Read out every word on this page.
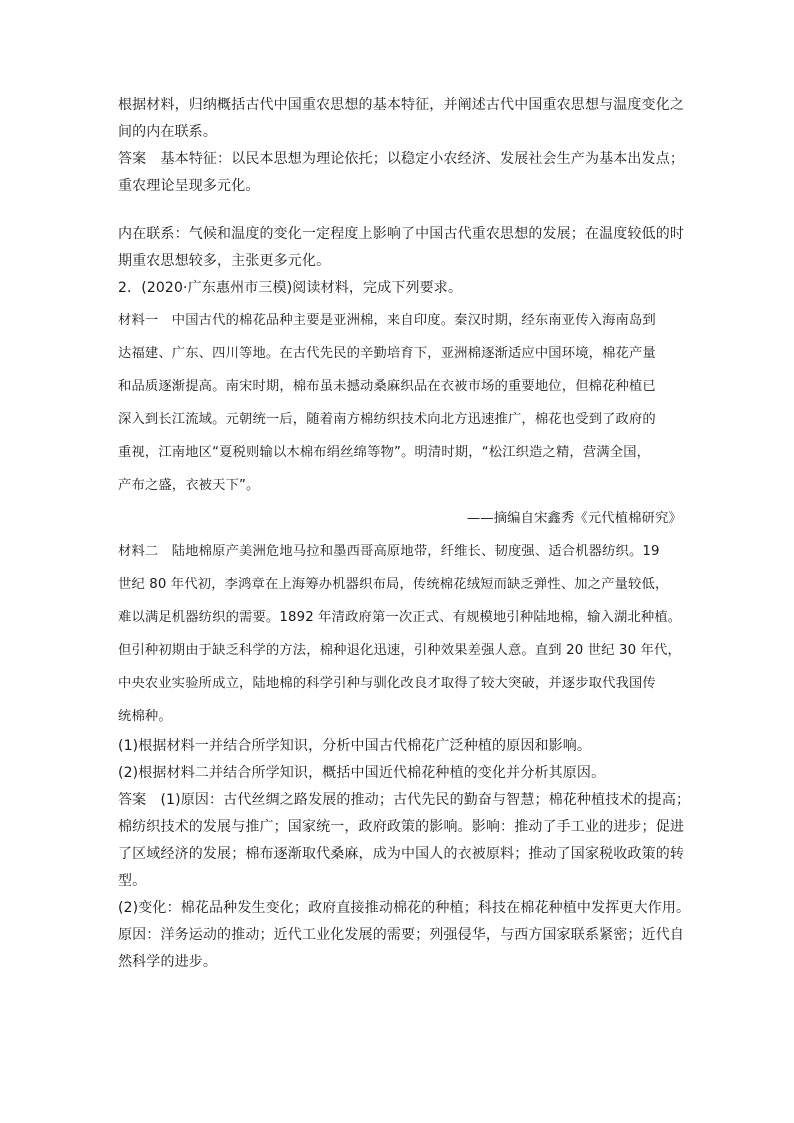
根据材料，归纳概括古代中国重农思想的基本特征，并阐述古代中国重农思想与温度变化之

间的内在联系。

答案　基本特征：以民本思想为理论依托；以稳定小农经济、发展社会生产为基本出发点；

重农理论呈现多元化。

内在联系：气候和温度的变化一定程度上影响了中国古代重农思想的发展；在温度较低的时

期重农思想较多，主张更多元化。

2．(2020·广东惠州市三模)阅读材料，完成下列要求。

材料一　中国古代的棉花品种主要是亚洲棉，来自印度。秦汉时期，经东南亚传入海南岛到

达福建、广东、四川等地。在古代先民的辛勤培育下，亚洲棉逐渐适应中国环境，棉花产量

和品质逐渐提高。南宋时期，棉布虽未撼动桑麻织品在衣被市场的重要地位，但棉花种植已

深入到长江流域。元朝统一后，随着南方棉纺织技术向北方迅速推广，棉花也受到了政府的

重视，江南地区“夏税则输以木棉布绢丝绵等物”。明清时期，“松江织造之精，营满全国，

产布之盛，衣被天下”。

——摘编自宋鑫秀《元代植棉研究》

材料二　陆地棉原产美洲危地马拉和墨西哥高原地带，纤维长、韧度强、适合机器纺织。19

世纪 80 年代初，李鸿章在上海筹办机器织布局，传统棉花绒短而缺乏弹性、加之产量较低，

难以满足机器纺织的需要。1892 年清政府第一次正式、有规模地引种陆地棉，输入湖北种植。

但引种初期由于缺乏科学的方法，棉种退化迅速，引种效果差强人意。直到 20 世纪 30 年代，

中央农业实验所成立，陆地棉的科学引种与驯化改良才取得了较大突破，并逐步取代我国传

统棉种。

(1)根据材料一并结合所学知识，分析中国古代棉花广泛种植的原因和影响。

(2)根据材料二并结合所学知识，概括中国近代棉花种植的变化并分析其原因。

答案　(1)原因：古代丝绸之路发展的推动；古代先民的勤奋与智慧；棉花种植技术的提高；

棉纺织技术的发展与推广；国家统一，政府政策的影响。影响：推动了手工业的进步；促进

了区域经济的发展；棉布逐渐取代桑麻，成为中国人的衣被原料；推动了国家税收政策的转

型。

(2)变化：棉花品种发生变化；政府直接推动棉花的种植；科技在棉花种植中发挥更大作用。

原因：洋务运动的推动；近代工业化发展的需要；列强侵华，与西方国家联系紧密；近代自

然科学的进步。
